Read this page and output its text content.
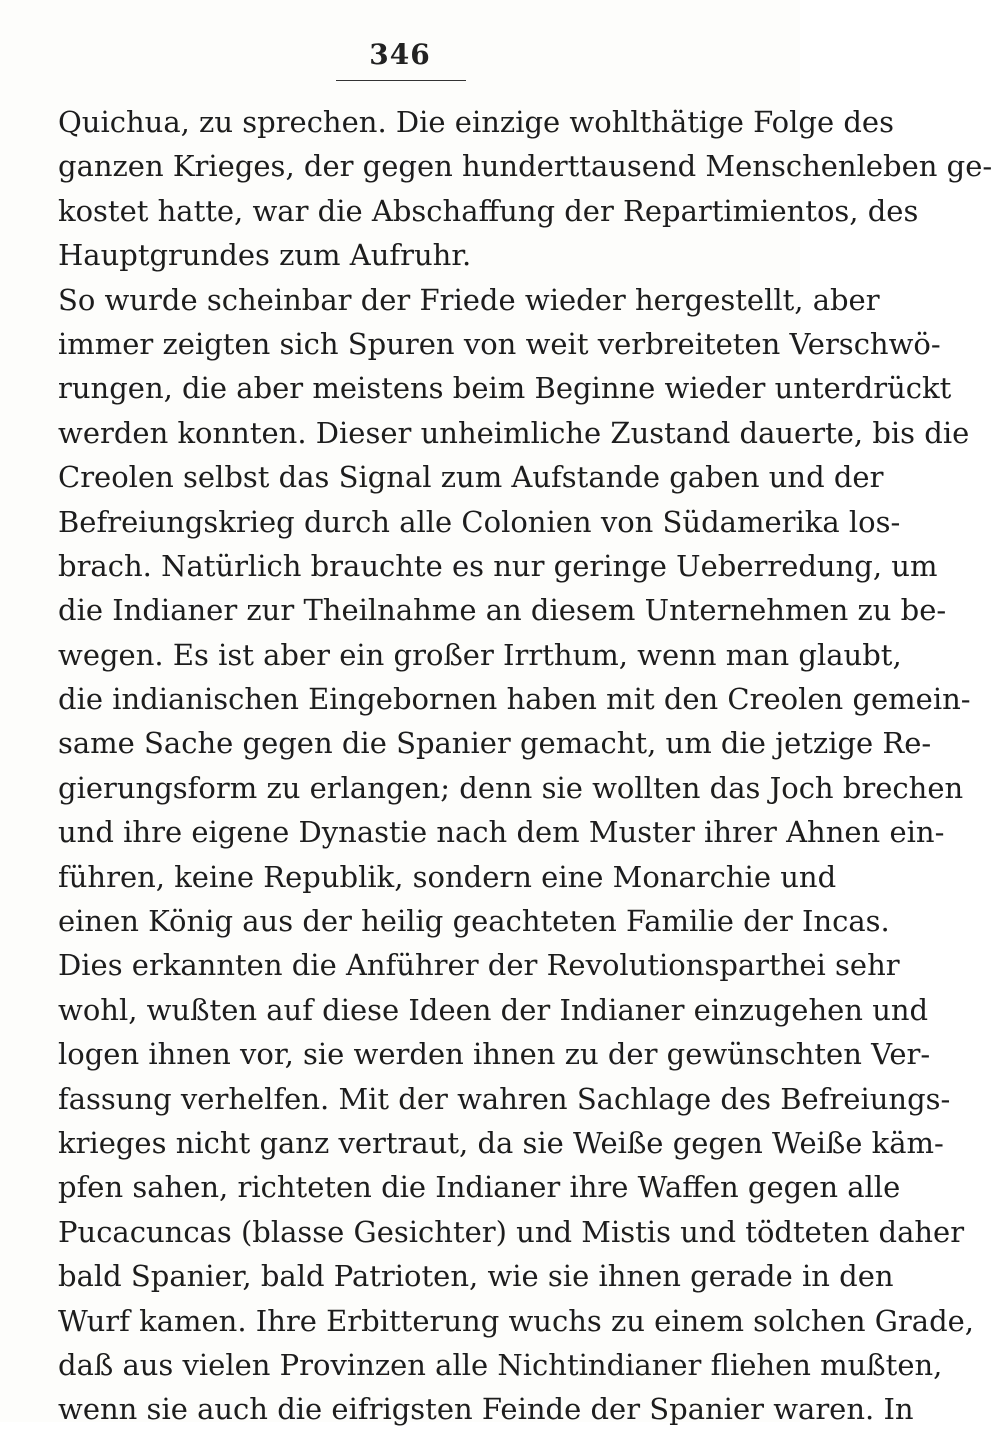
346
Quichua, zu sprechen. Die einzige wohlthätige Folge des
ganzen Krieges, der gegen hunderttausend Menschenleben ge-
kostet hatte, war die Abschaffung der Repartimientos, des
Hauptgrundes zum Aufruhr.
So wurde scheinbar der Friede wieder hergestellt, aber
immer zeigten sich Spuren von weit verbreiteten Verschwö-
rungen, die aber meistens beim Beginne wieder unterdrückt
werden konnten. Dieser unheimliche Zustand dauerte, bis die
Creolen selbst das Signal zum Aufstande gaben und der
Befreiungskrieg durch alle Colonien von Südamerika los-
brach. Natürlich brauchte es nur geringe Ueberredung, um
die Indianer zur Theilnahme an diesem Unternehmen zu be-
wegen. Es ist aber ein großer Irrthum, wenn man glaubt,
die indianischen Eingebornen haben mit den Creolen gemein-
same Sache gegen die Spanier gemacht, um die jetzige Re-
gierungsform zu erlangen; denn sie wollten das Joch brechen
und ihre eigene Dynastie nach dem Muster ihrer Ahnen ein-
führen, keine Republik, sondern eine Monarchie und
einen König aus der heilig geachteten Familie der Incas.
Dies erkannten die Anführer der Revolutionsparthei sehr
wohl, wußten auf diese Ideen der Indianer einzugehen und
logen ihnen vor, sie werden ihnen zu der gewünschten Ver-
fassung verhelfen. Mit der wahren Sachlage des Befreiungs-
krieges nicht ganz vertraut, da sie Weiße gegen Weiße käm-
pfen sahen, richteten die Indianer ihre Waffen gegen alle
Pucacuncas (blasse Gesichter) und Mistis und tödteten daher
bald Spanier, bald Patrioten, wie sie ihnen gerade in den
Wurf kamen. Ihre Erbitterung wuchs zu einem solchen Grade,
daß aus vielen Provinzen alle Nichtindianer fliehen mußten,
wenn sie auch die eifrigsten Feinde der Spanier waren. In
